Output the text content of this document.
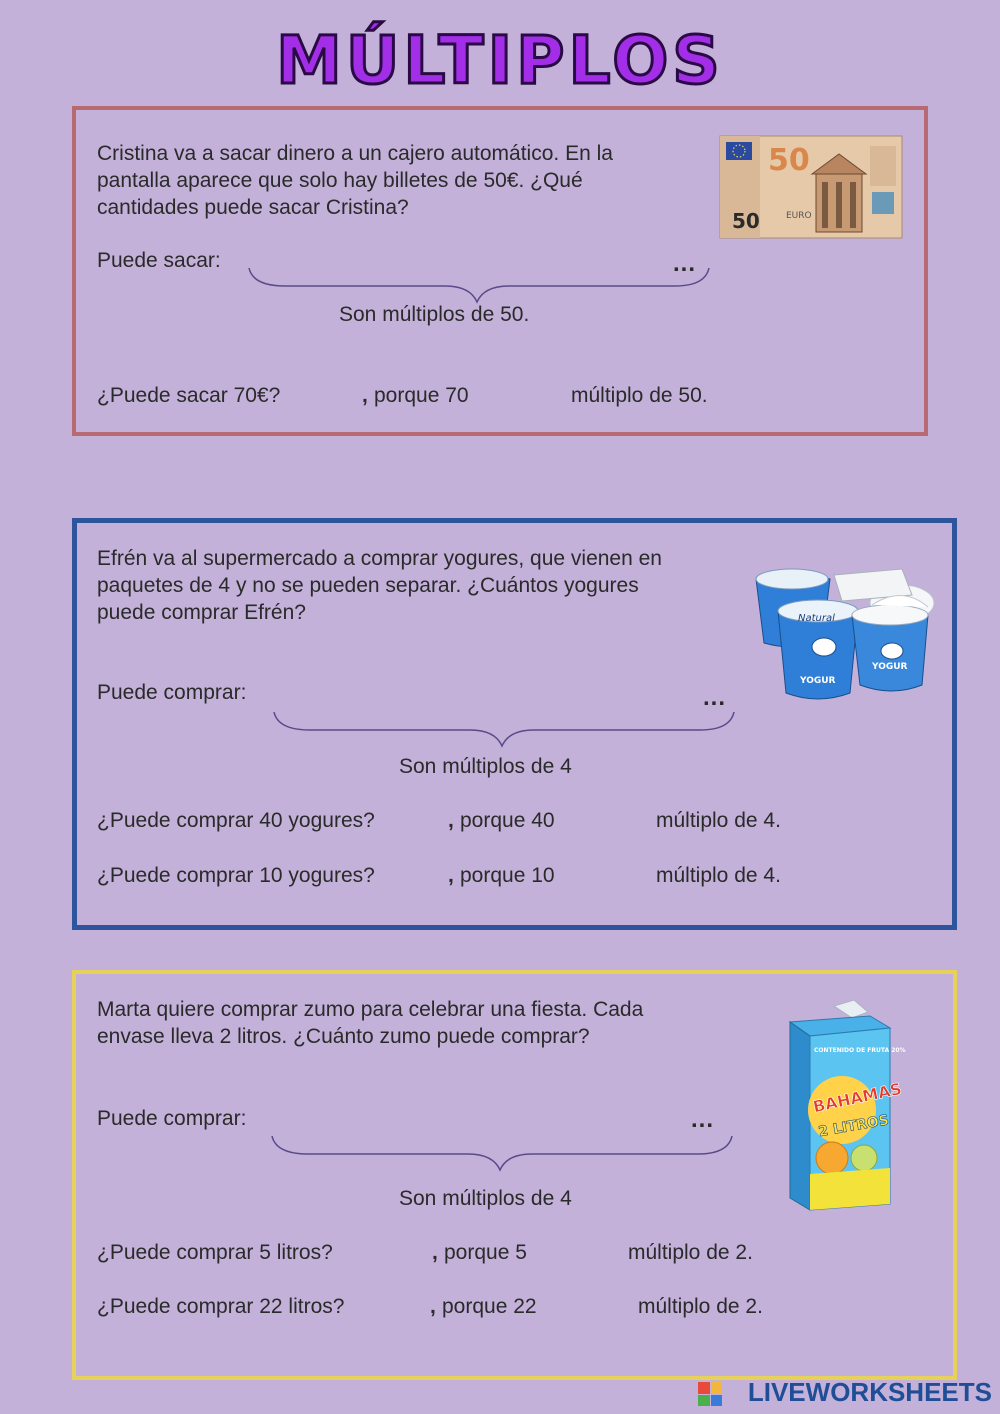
MÚLTIPLOS
Cristina va a sacar dinero a un cajero automático. En la
pantalla aparece que solo hay billetes de 50€. ¿Qué
cantidades puede sacar Cristina?
50
50	EURO
Puede sacar:	...
Son múltiplos de 50.
¿Puede sacar 70€?	, porque 70	múltiplo de 50.
Efrén va al supermercado a comprar yogures, que vienen en
paquetes de 4 y no se pueden separar. ¿Cuántos yogures
puede comprar Efrén?	Natural
YOGUR
YOGUR
Puede comprar:	...
Son múltiplos de 4
¿Puede comprar 40 yogures?	, porque 40	múltiplo de 4.
¿Puede comprar 10 yogures?	, porque 10	múltiplo de 4.
Marta quiere comprar zumo para celebrar una fiesta. Cada
envase lleva 2 litros. ¿Cuánto zumo puede comprar?
CONTENIDO DE FRUTA 20%
BAHAMAS
2 LITROS
Puede comprar:	...
Son múltiplos de 4
¿Puede comprar 5 litros?	, porque 5	múltiplo de 2.
¿Puede comprar 22 litros?	, porque 22	múltiplo de 2.
LIVEWORKSHEETS
